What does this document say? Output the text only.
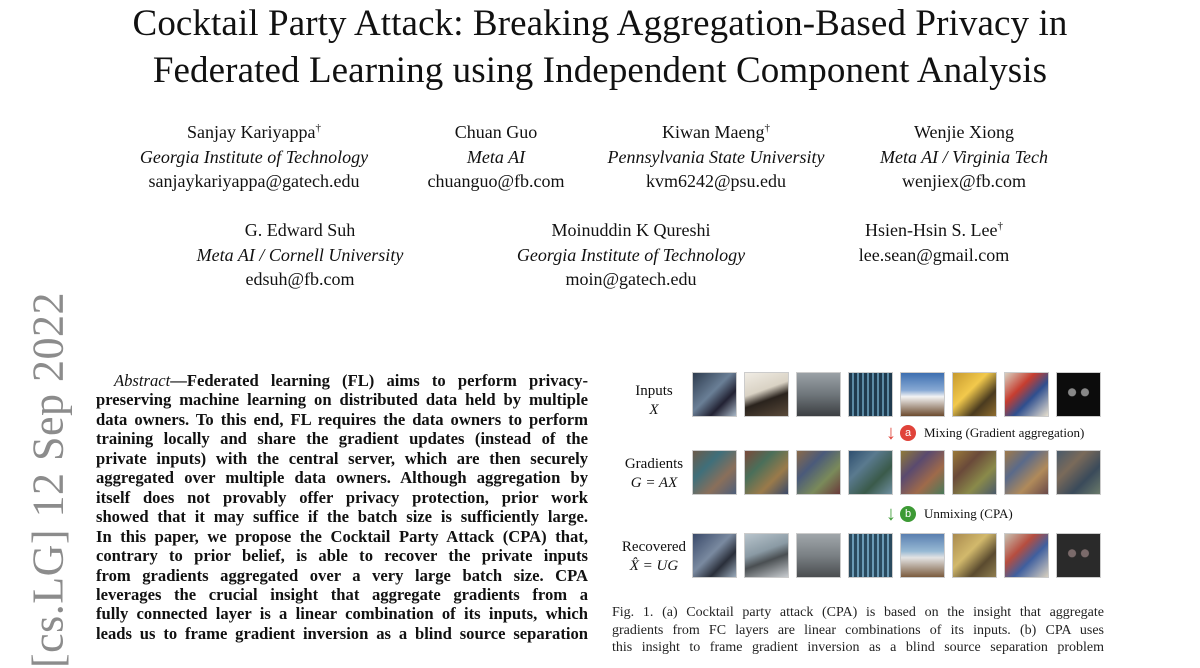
Cocktail Party Attack: Breaking Aggregation-Based Privacy in
Federated Learning using Independent Component Analysis
Sanjay Kariyappa†
Georgia Institute of Technology
sanjaykariyappa@gatech.edu
Chuan Guo
Meta AI
chuanguo@fb.com
Kiwan Maeng†
Pennsylvania State University
kvm6242@psu.edu
Wenjie Xiong
Meta AI / Virginia Tech
wenjiex@fb.com
G. Edward Suh
Meta AI / Cornell University
edsuh@fb.com
Moinuddin K Qureshi
Georgia Institute of Technology
moin@gatech.edu
Hsien-Hsin S. Lee†
lee.sean@gmail.com
[cs.LG] 12 Sep 2022	Abstract—Federated learning (FL) aims to perform privacy-
preserving machine learning on distributed data held by multiple
data owners. To this end, FL requires the data owners to perform
training locally and share the gradient updates (instead of the
private inputs) with the central server, which are then securely
aggregated over multiple data owners. Although aggregation by
itself does not provably offer privacy protection, prior work
showed that it may suffice if the batch size is sufficiently large.
In this paper, we propose the Cocktail Party Attack (CPA) that,
contrary to prior belief, is able to recover the private inputs
from gradients aggregated over a very large batch size. CPA
leverages the crucial insight that aggregate gradients from a
fully connected layer is a linear combination of its inputs, which
leads us to frame gradient inversion as a blind source separation
Inputs
X
Gradients
G = AX
Recovered
X̂ = UG
↓ a Mixing (Gradient aggregation)
↓ b Unmixing (CPA)
Fig. 1. (a) Cocktail party attack (CPA) is based on the insight that aggregate
gradients from FC layers are linear combinations of its inputs. (b) CPA uses
this insight to frame gradient inversion as a blind source separation problem
